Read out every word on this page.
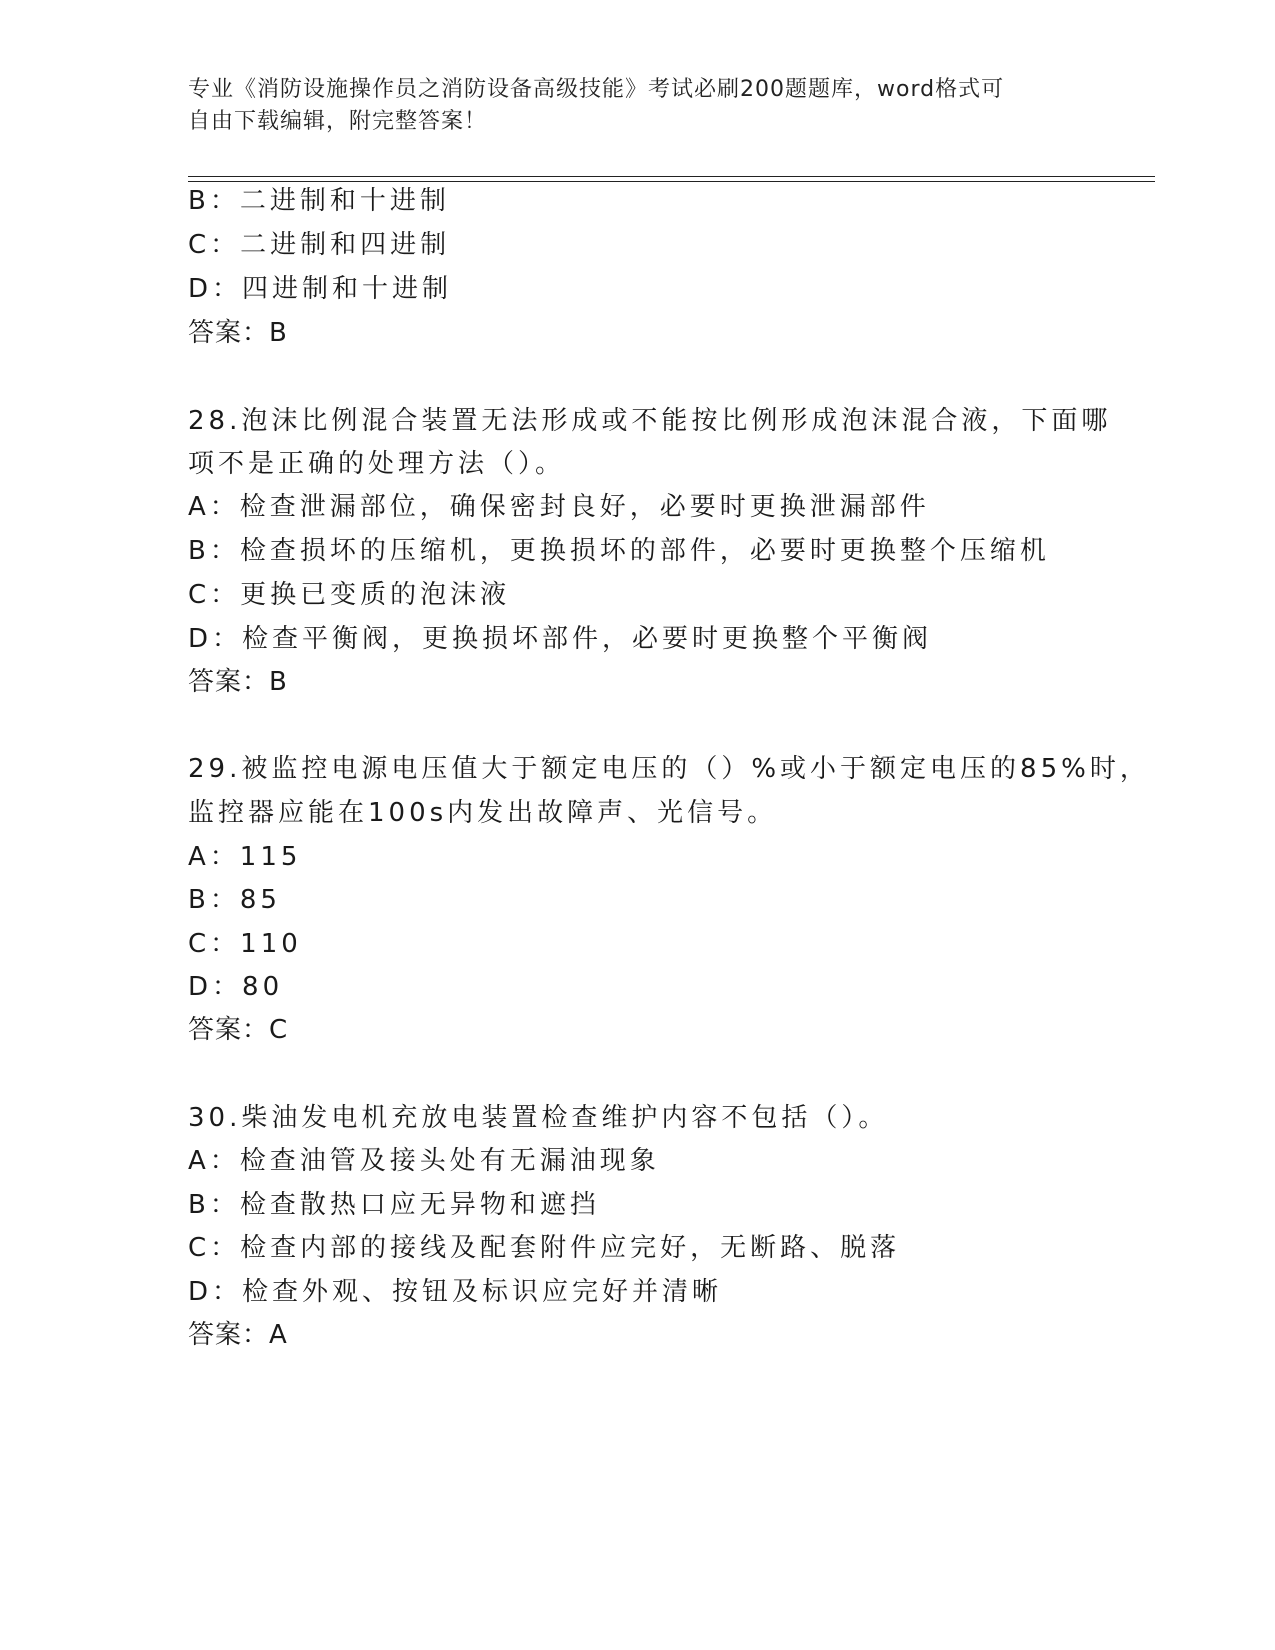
专业《消防设施操作员之消防设备高级技能》考试必刷200题题库，word格式可
自由下载编辑，附完整答案！
B：二进制和十进制
C：二进制和四进制
D：四进制和十进制
答案：B
28.泡沫比例混合装置无法形成或不能按比例形成泡沫混合液，下面哪
项不是正确的处理方法（）。
A：检查泄漏部位，确保密封良好，必要时更换泄漏部件
B：检查损坏的压缩机，更换损坏的部件，必要时更换整个压缩机
C：更换已变质的泡沫液
D：检查平衡阀，更换损坏部件，必要时更换整个平衡阀
答案：B
29.被监控电源电压值大于额定电压的（）%或小于额定电压的85%时，
监控器应能在100s内发出故障声、光信号。
A：115
B：85
C：110
D：80
答案：C
30.柴油发电机充放电装置检查维护内容不包括（）。
A：检查油管及接头处有无漏油现象
B：检查散热口应无异物和遮挡
C：检查内部的接线及配套附件应完好，无断路、脱落
D：检查外观、按钮及标识应完好并清晰
答案：A
